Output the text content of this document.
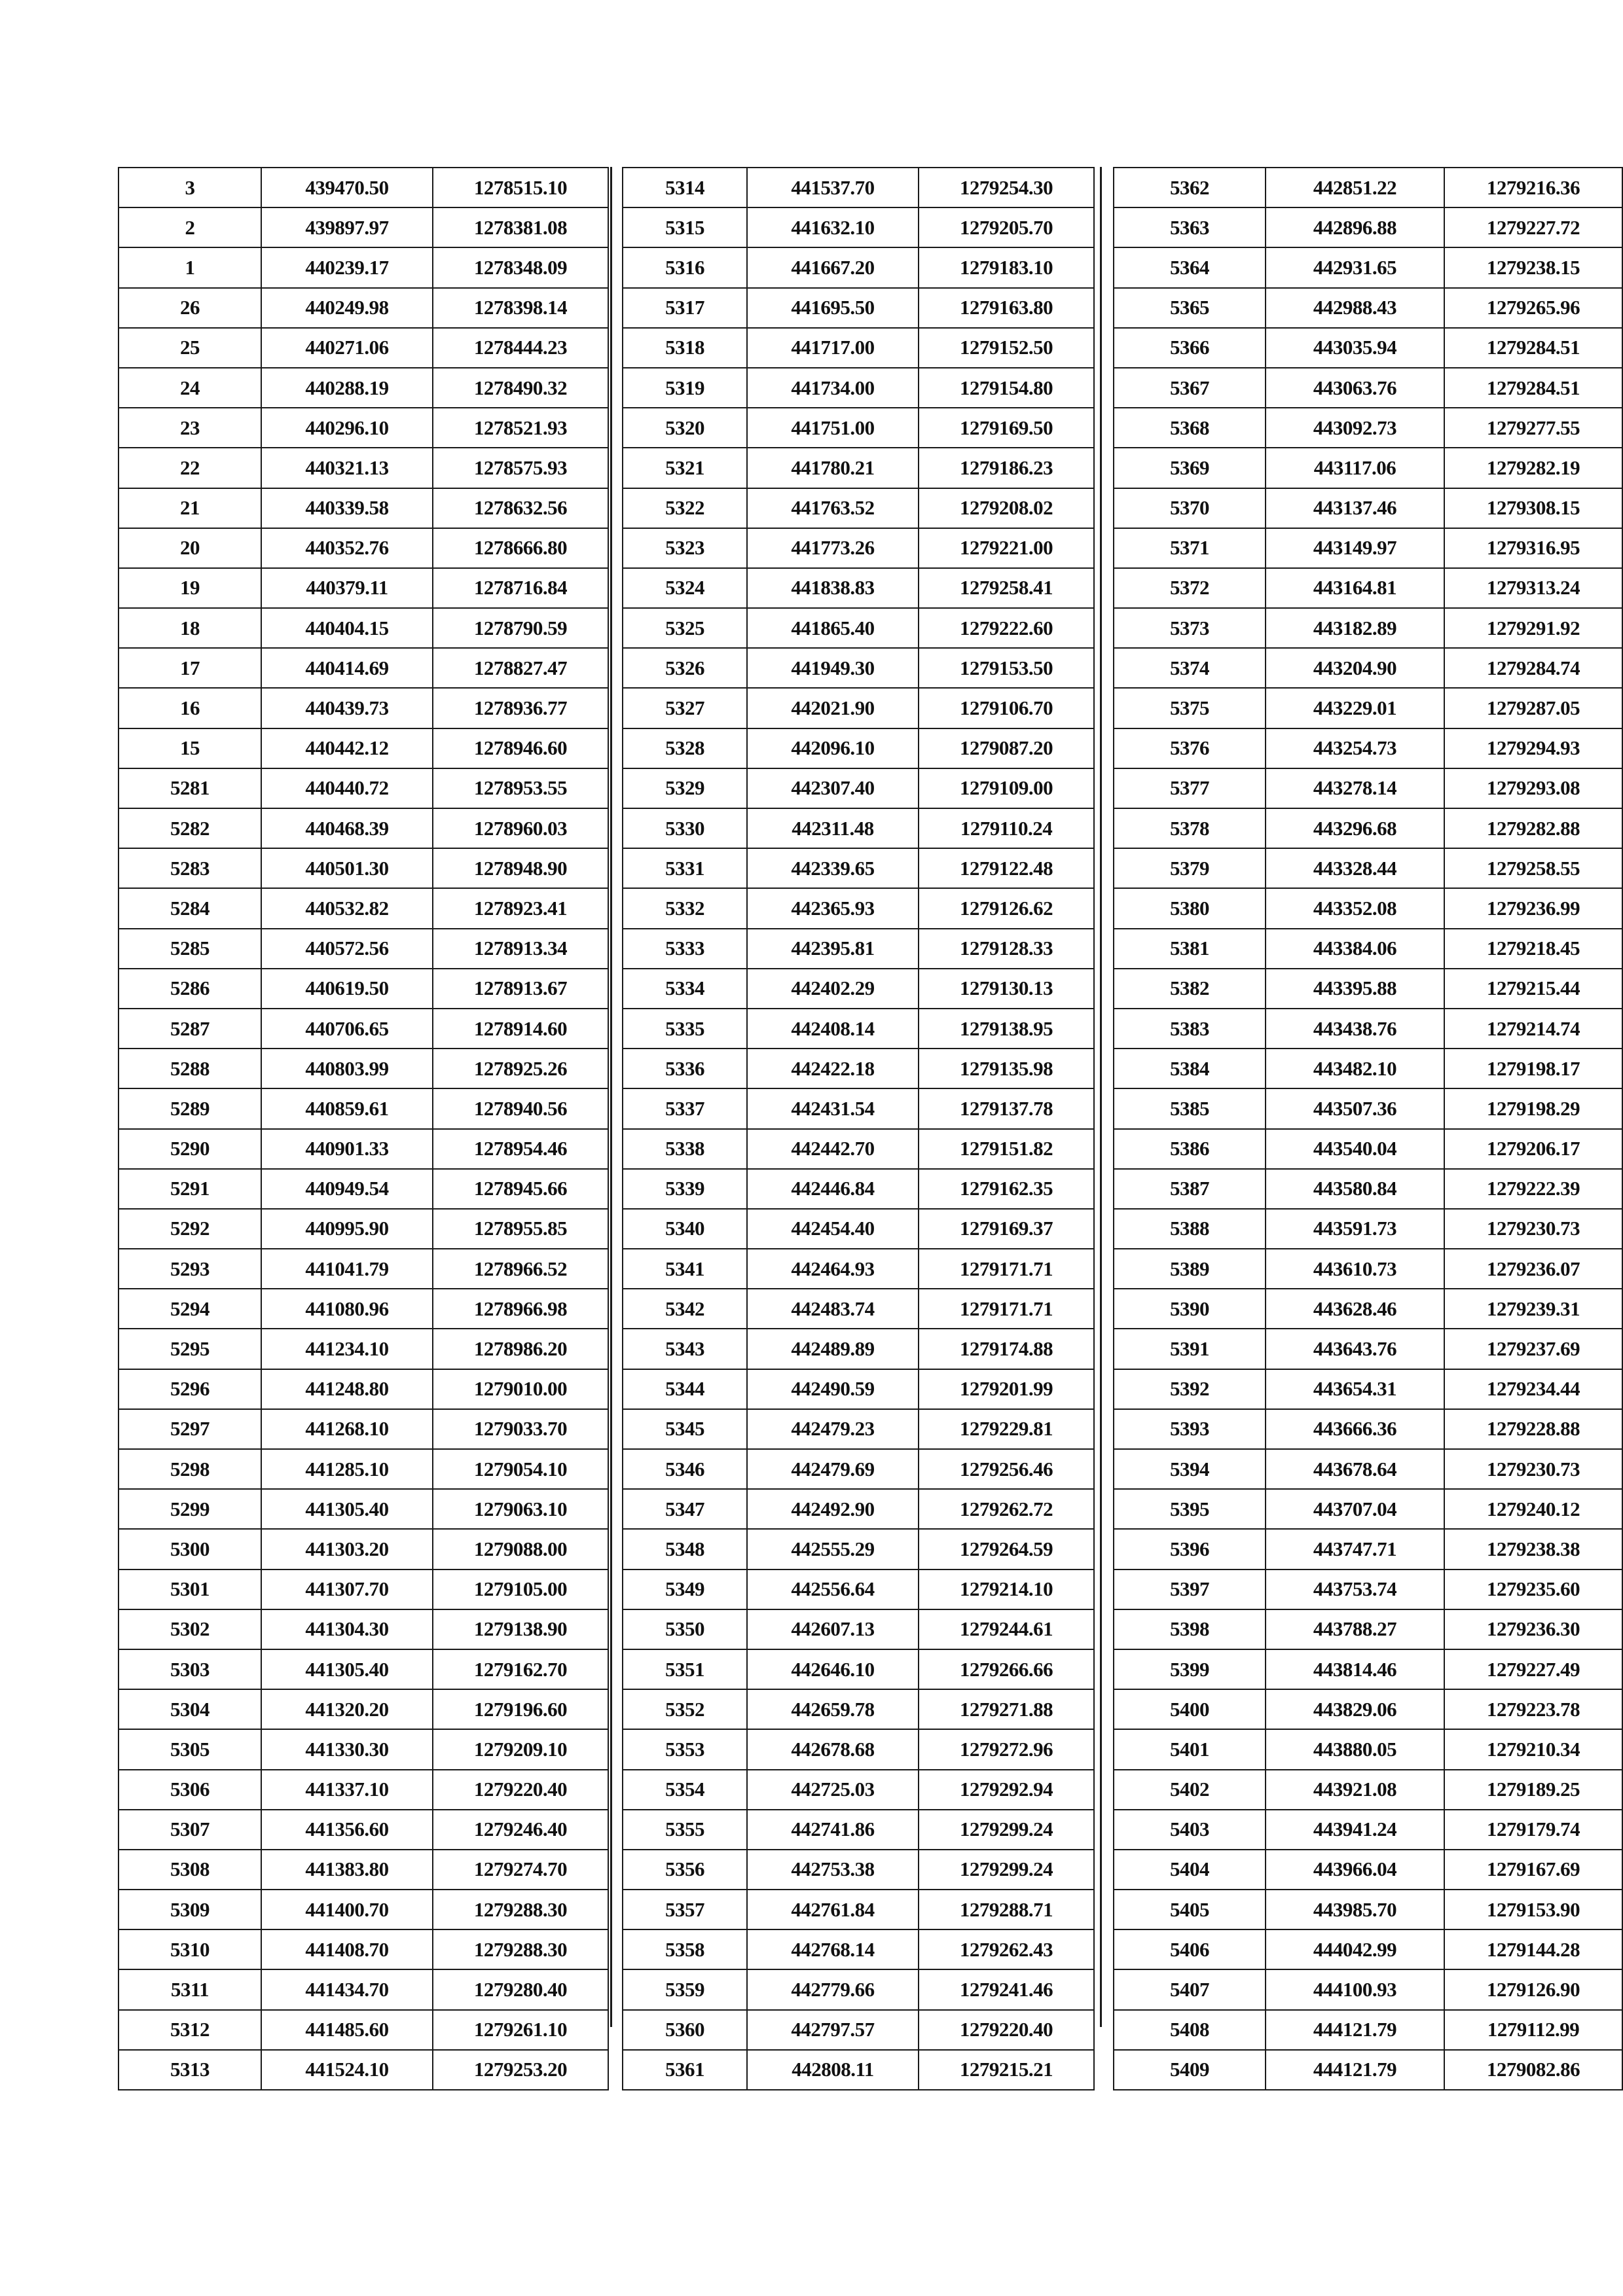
3	439470.50	1278515.10
2	439897.97	1278381.08
1	440239.17	1278348.09
26	440249.98	1278398.14
25	440271.06	1278444.23
24	440288.19	1278490.32
23	440296.10	1278521.93
22	440321.13	1278575.93
21	440339.58	1278632.56
20	440352.76	1278666.80
19	440379.11	1278716.84
18	440404.15	1278790.59
17	440414.69	1278827.47
16	440439.73	1278936.77
15	440442.12	1278946.60
5281	440440.72	1278953.55
5282	440468.39	1278960.03
5283	440501.30	1278948.90
5284	440532.82	1278923.41
5285	440572.56	1278913.34
5286	440619.50	1278913.67
5287	440706.65	1278914.60
5288	440803.99	1278925.26
5289	440859.61	1278940.56
5290	440901.33	1278954.46
5291	440949.54	1278945.66
5292	440995.90	1278955.85
5293	441041.79	1278966.52
5294	441080.96	1278966.98
5295	441234.10	1278986.20
5296	441248.80	1279010.00
5297	441268.10	1279033.70
5298	441285.10	1279054.10
5299	441305.40	1279063.10
5300	441303.20	1279088.00
5301	441307.70	1279105.00
5302	441304.30	1279138.90
5303	441305.40	1279162.70
5304	441320.20	1279196.60
5305	441330.30	1279209.10
5306	441337.10	1279220.40
5307	441356.60	1279246.40
5308	441383.80	1279274.70
5309	441400.70	1279288.30
5310	441408.70	1279288.30
5311	441434.70	1279280.40
5312	441485.60	1279261.10
5313	441524.10	1279253.20
5314	441537.70	1279254.30
5315	441632.10	1279205.70
5316	441667.20	1279183.10
5317	441695.50	1279163.80
5318	441717.00	1279152.50
5319	441734.00	1279154.80
5320	441751.00	1279169.50
5321	441780.21	1279186.23
5322	441763.52	1279208.02
5323	441773.26	1279221.00
5324	441838.83	1279258.41
5325	441865.40	1279222.60
5326	441949.30	1279153.50
5327	442021.90	1279106.70
5328	442096.10	1279087.20
5329	442307.40	1279109.00
5330	442311.48	1279110.24
5331	442339.65	1279122.48
5332	442365.93	1279126.62
5333	442395.81	1279128.33
5334	442402.29	1279130.13
5335	442408.14	1279138.95
5336	442422.18	1279135.98
5337	442431.54	1279137.78
5338	442442.70	1279151.82
5339	442446.84	1279162.35
5340	442454.40	1279169.37
5341	442464.93	1279171.71
5342	442483.74	1279171.71
5343	442489.89	1279174.88
5344	442490.59	1279201.99
5345	442479.23	1279229.81
5346	442479.69	1279256.46
5347	442492.90	1279262.72
5348	442555.29	1279264.59
5349	442556.64	1279214.10
5350	442607.13	1279244.61
5351	442646.10	1279266.66
5352	442659.78	1279271.88
5353	442678.68	1279272.96
5354	442725.03	1279292.94
5355	442741.86	1279299.24
5356	442753.38	1279299.24
5357	442761.84	1279288.71
5358	442768.14	1279262.43
5359	442779.66	1279241.46
5360	442797.57	1279220.40
5361	442808.11	1279215.21
5362	442851.22	1279216.36
5363	442896.88	1279227.72
5364	442931.65	1279238.15
5365	442988.43	1279265.96
5366	443035.94	1279284.51
5367	443063.76	1279284.51
5368	443092.73	1279277.55
5369	443117.06	1279282.19
5370	443137.46	1279308.15
5371	443149.97	1279316.95
5372	443164.81	1279313.24
5373	443182.89	1279291.92
5374	443204.90	1279284.74
5375	443229.01	1279287.05
5376	443254.73	1279294.93
5377	443278.14	1279293.08
5378	443296.68	1279282.88
5379	443328.44	1279258.55
5380	443352.08	1279236.99
5381	443384.06	1279218.45
5382	443395.88	1279215.44
5383	443438.76	1279214.74
5384	443482.10	1279198.17
5385	443507.36	1279198.29
5386	443540.04	1279206.17
5387	443580.84	1279222.39
5388	443591.73	1279230.73
5389	443610.73	1279236.07
5390	443628.46	1279239.31
5391	443643.76	1279237.69
5392	443654.31	1279234.44
5393	443666.36	1279228.88
5394	443678.64	1279230.73
5395	443707.04	1279240.12
5396	443747.71	1279238.38
5397	443753.74	1279235.60
5398	443788.27	1279236.30
5399	443814.46	1279227.49
5400	443829.06	1279223.78
5401	443880.05	1279210.34
5402	443921.08	1279189.25
5403	443941.24	1279179.74
5404	443966.04	1279167.69
5405	443985.70	1279153.90
5406	444042.99	1279144.28
5407	444100.93	1279126.90
5408	444121.79	1279112.99
5409	444121.79	1279082.86
